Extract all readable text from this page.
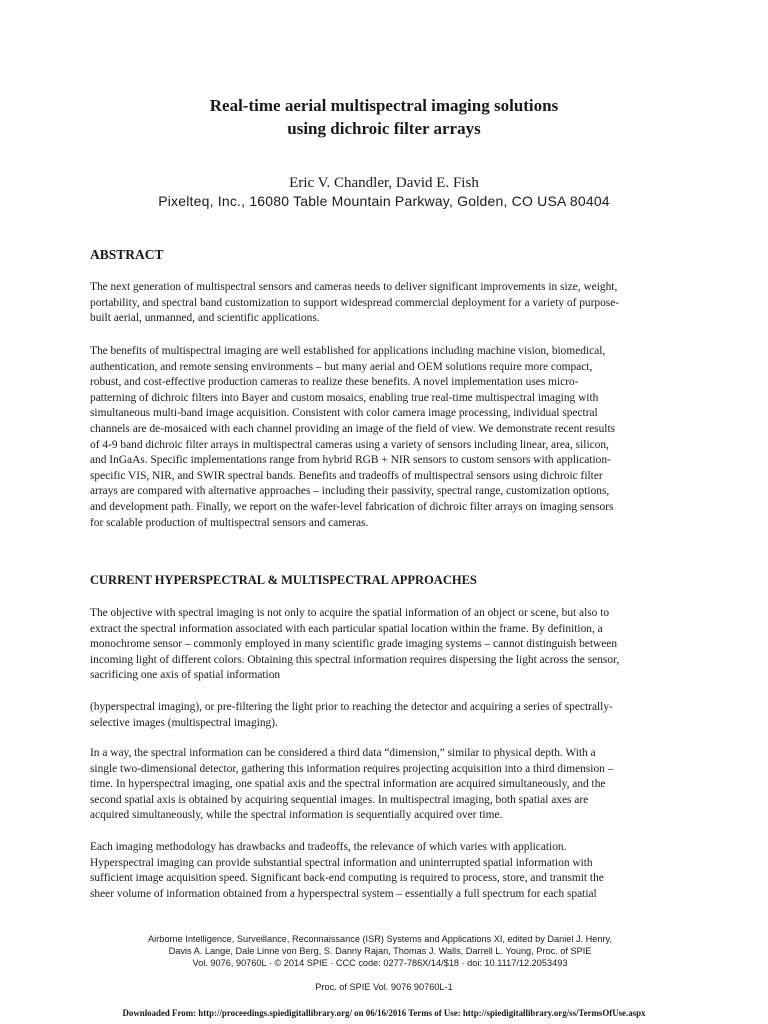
Real-time aerial multispectral imaging solutions
using dichroic filter arrays
Eric V. Chandler, David E. Fish
Pixelteq, Inc., 16080 Table Mountain Parkway, Golden, CO USA 80404
ABSTRACT
The next generation of multispectral sensors and cameras needs to deliver significant improvements in size, weight,
portability, and spectral band customization to support widespread commercial deployment for a variety of purpose-
built aerial, unmanned, and scientific applications.
The benefits of multispectral imaging are well established for applications including machine vision, biomedical,
authentication, and remote sensing environments – but many aerial and OEM solutions require more compact,
robust, and cost-effective production cameras to realize these benefits. A novel implementation uses micro-
patterning of dichroic filters into Bayer and custom mosaics, enabling true real-time multispectral imaging with
simultaneous multi-band image acquisition. Consistent with color camera image processing, individual spectral
channels are de-mosaiced with each channel providing an image of the field of view. We demonstrate recent results
of 4-9 band dichroic filter arrays in multispectral cameras using a variety of sensors including linear, area, silicon,
and InGaAs. Specific implementations range from hybrid RGB + NIR sensors to custom sensors with application-
specific VIS, NIR, and SWIR spectral bands. Benefits and tradeoffs of multispectral sensors using dichroic filter
arrays are compared with alternative approaches – including their passivity, spectral range, customization options,
and development path. Finally, we report on the wafer-level fabrication of dichroic filter arrays on imaging sensors
for scalable production of multispectral sensors and cameras.
CURRENT HYPERSPECTRAL & MULTISPECTRAL APPROACHES
The objective with spectral imaging is not only to acquire the spatial information of an object or scene, but also to
extract the spectral information associated with each particular spatial location within the frame. By definition, a
monochrome sensor – commonly employed in many scientific grade imaging systems – cannot distinguish between
incoming light of different colors. Obtaining this spectral information requires dispersing the light across the sensor,
sacrificing one axis of spatial information
(hyperspectral imaging), or pre-filtering the light prior to reaching the detector and acquiring a series of spectrally-
selective images (multispectral imaging).
In a way, the spectral information can be considered a third data “dimension,” similar to physical depth. With a
single two-dimensional detector, gathering this information requires projecting acquisition into a third dimension –
time. In hyperspectral imaging, one spatial axis and the spectral information are acquired simultaneously, and the
second spatial axis is obtained by acquiring sequential images. In multispectral imaging, both spatial axes are
acquired simultaneously, while the spectral information is sequentially acquired over time.
Each imaging methodology has drawbacks and tradeoffs, the relevance of which varies with application.
Hyperspectral imaging can provide substantial spectral information and uninterrupted spatial information with
sufficient image acquisition speed. Significant back-end computing is required to process, store, and transmit the
sheer volume of information obtained from a hyperspectral system – essentially a full spectrum for each spatial
Airborne Intelligence, Surveillance, Reconnaissance (ISR) Systems and Applications XI, edited by Daniel J. Henry,
Davis A. Lange, Dale Linne von Berg, S. Danny Rajan, Thomas J. Walls, Darrell L. Young, Proc. of SPIE
Vol. 9076, 90760L · © 2014 SPIE · CCC code: 0277-786X/14/$18 · doi: 10.1117/12.2053493
Proc. of SPIE Vol. 9076 90760L-1
Downloaded From: http://proceedings.spiedigitallibrary.org/ on 06/16/2016 Terms of Use: http://spiedigitallibrary.org/ss/TermsOfUse.aspx
